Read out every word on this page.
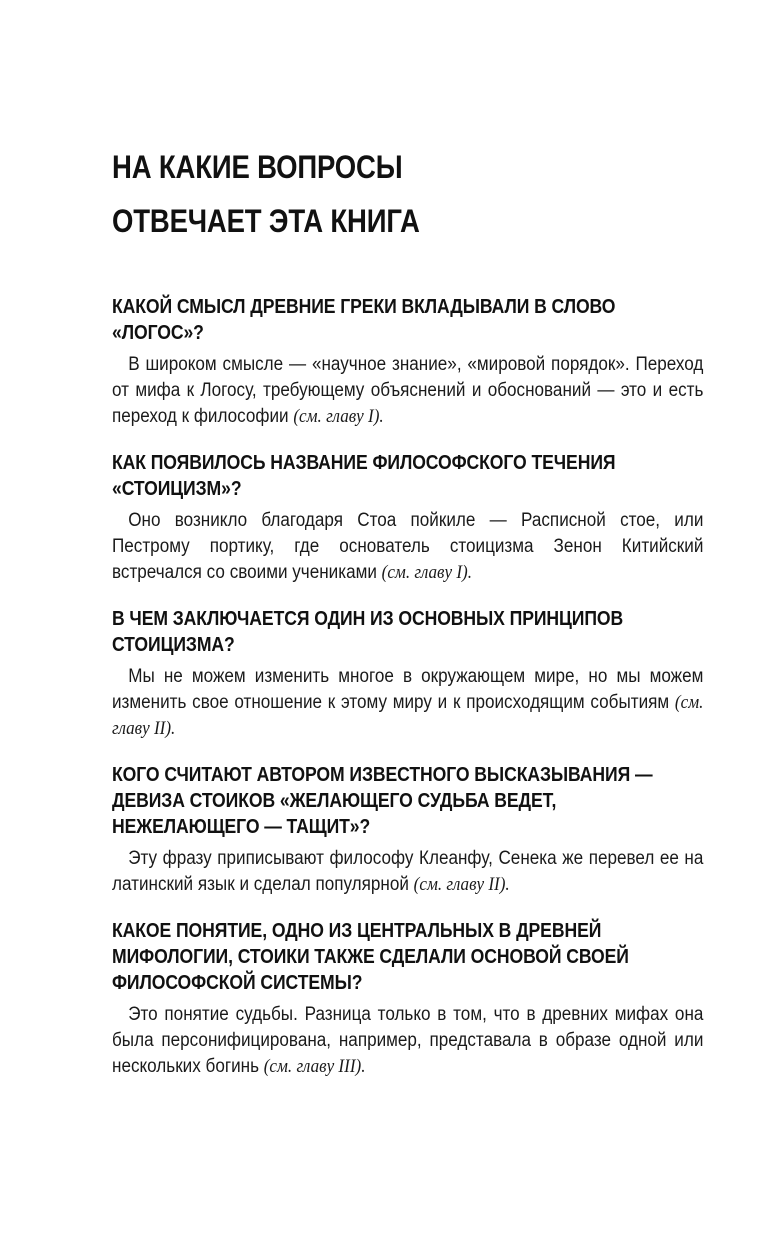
НА КАКИЕ ВОПРОСЫ
ОТВЕЧАЕТ ЭТА КНИГА
КАКОЙ СМЫСЛ ДРЕВНИЕ ГРЕКИ ВКЛАДЫВАЛИ В СЛОВО «ЛОГОС»?

В широком смысле — «научное знание», «мировой порядок». Переход от мифа к Логосу, требующему объяснений и обоснований — это и есть переход к философии (см. главу I).

КАК ПОЯВИЛОСЬ НАЗВАНИЕ ФИЛОСОФСКОГО ТЕЧЕНИЯ «СТОИЦИЗМ»?

Оно возникло благодаря Стоа пойкиле — Расписной стое, или Пестрому портику, где основатель стоицизма Зенон Китийский встречался со своими учениками (см. главу I).

В ЧЕМ ЗАКЛЮЧАЕТСЯ ОДИН ИЗ ОСНОВНЫХ ПРИНЦИПОВ СТОИЦИЗМА?

Мы не можем изменить многое в окружающем мире, но мы можем изменить свое отношение к этому миру и к происходящим событиям (см. главу II).

КОГО СЧИТАЮТ АВТОРОМ ИЗВЕСТНОГО ВЫСКАЗЫВАНИЯ — ДЕВИЗА СТОИКОВ «ЖЕЛАЮЩЕГО СУДЬБА ВЕДЕТ, НЕЖЕЛАЮЩЕГО — ТАЩИТ»?

Эту фразу приписывают философу Клеанфу, Сенека же перевел ее на латинский язык и сделал популярной (см. главу II).

КАКОЕ ПОНЯТИЕ, ОДНО ИЗ ЦЕНТРАЛЬНЫХ В ДРЕВНЕЙ МИФОЛОГИИ, СТОИКИ ТАКЖЕ СДЕЛАЛИ ОСНОВОЙ СВОЕЙ ФИЛОСОФСКОЙ СИСТЕМЫ?

Это понятие судьбы. Разница только в том, что в древних мифах она была персонифицирована, например, представала в образе одной или нескольких богинь (см. главу III).
